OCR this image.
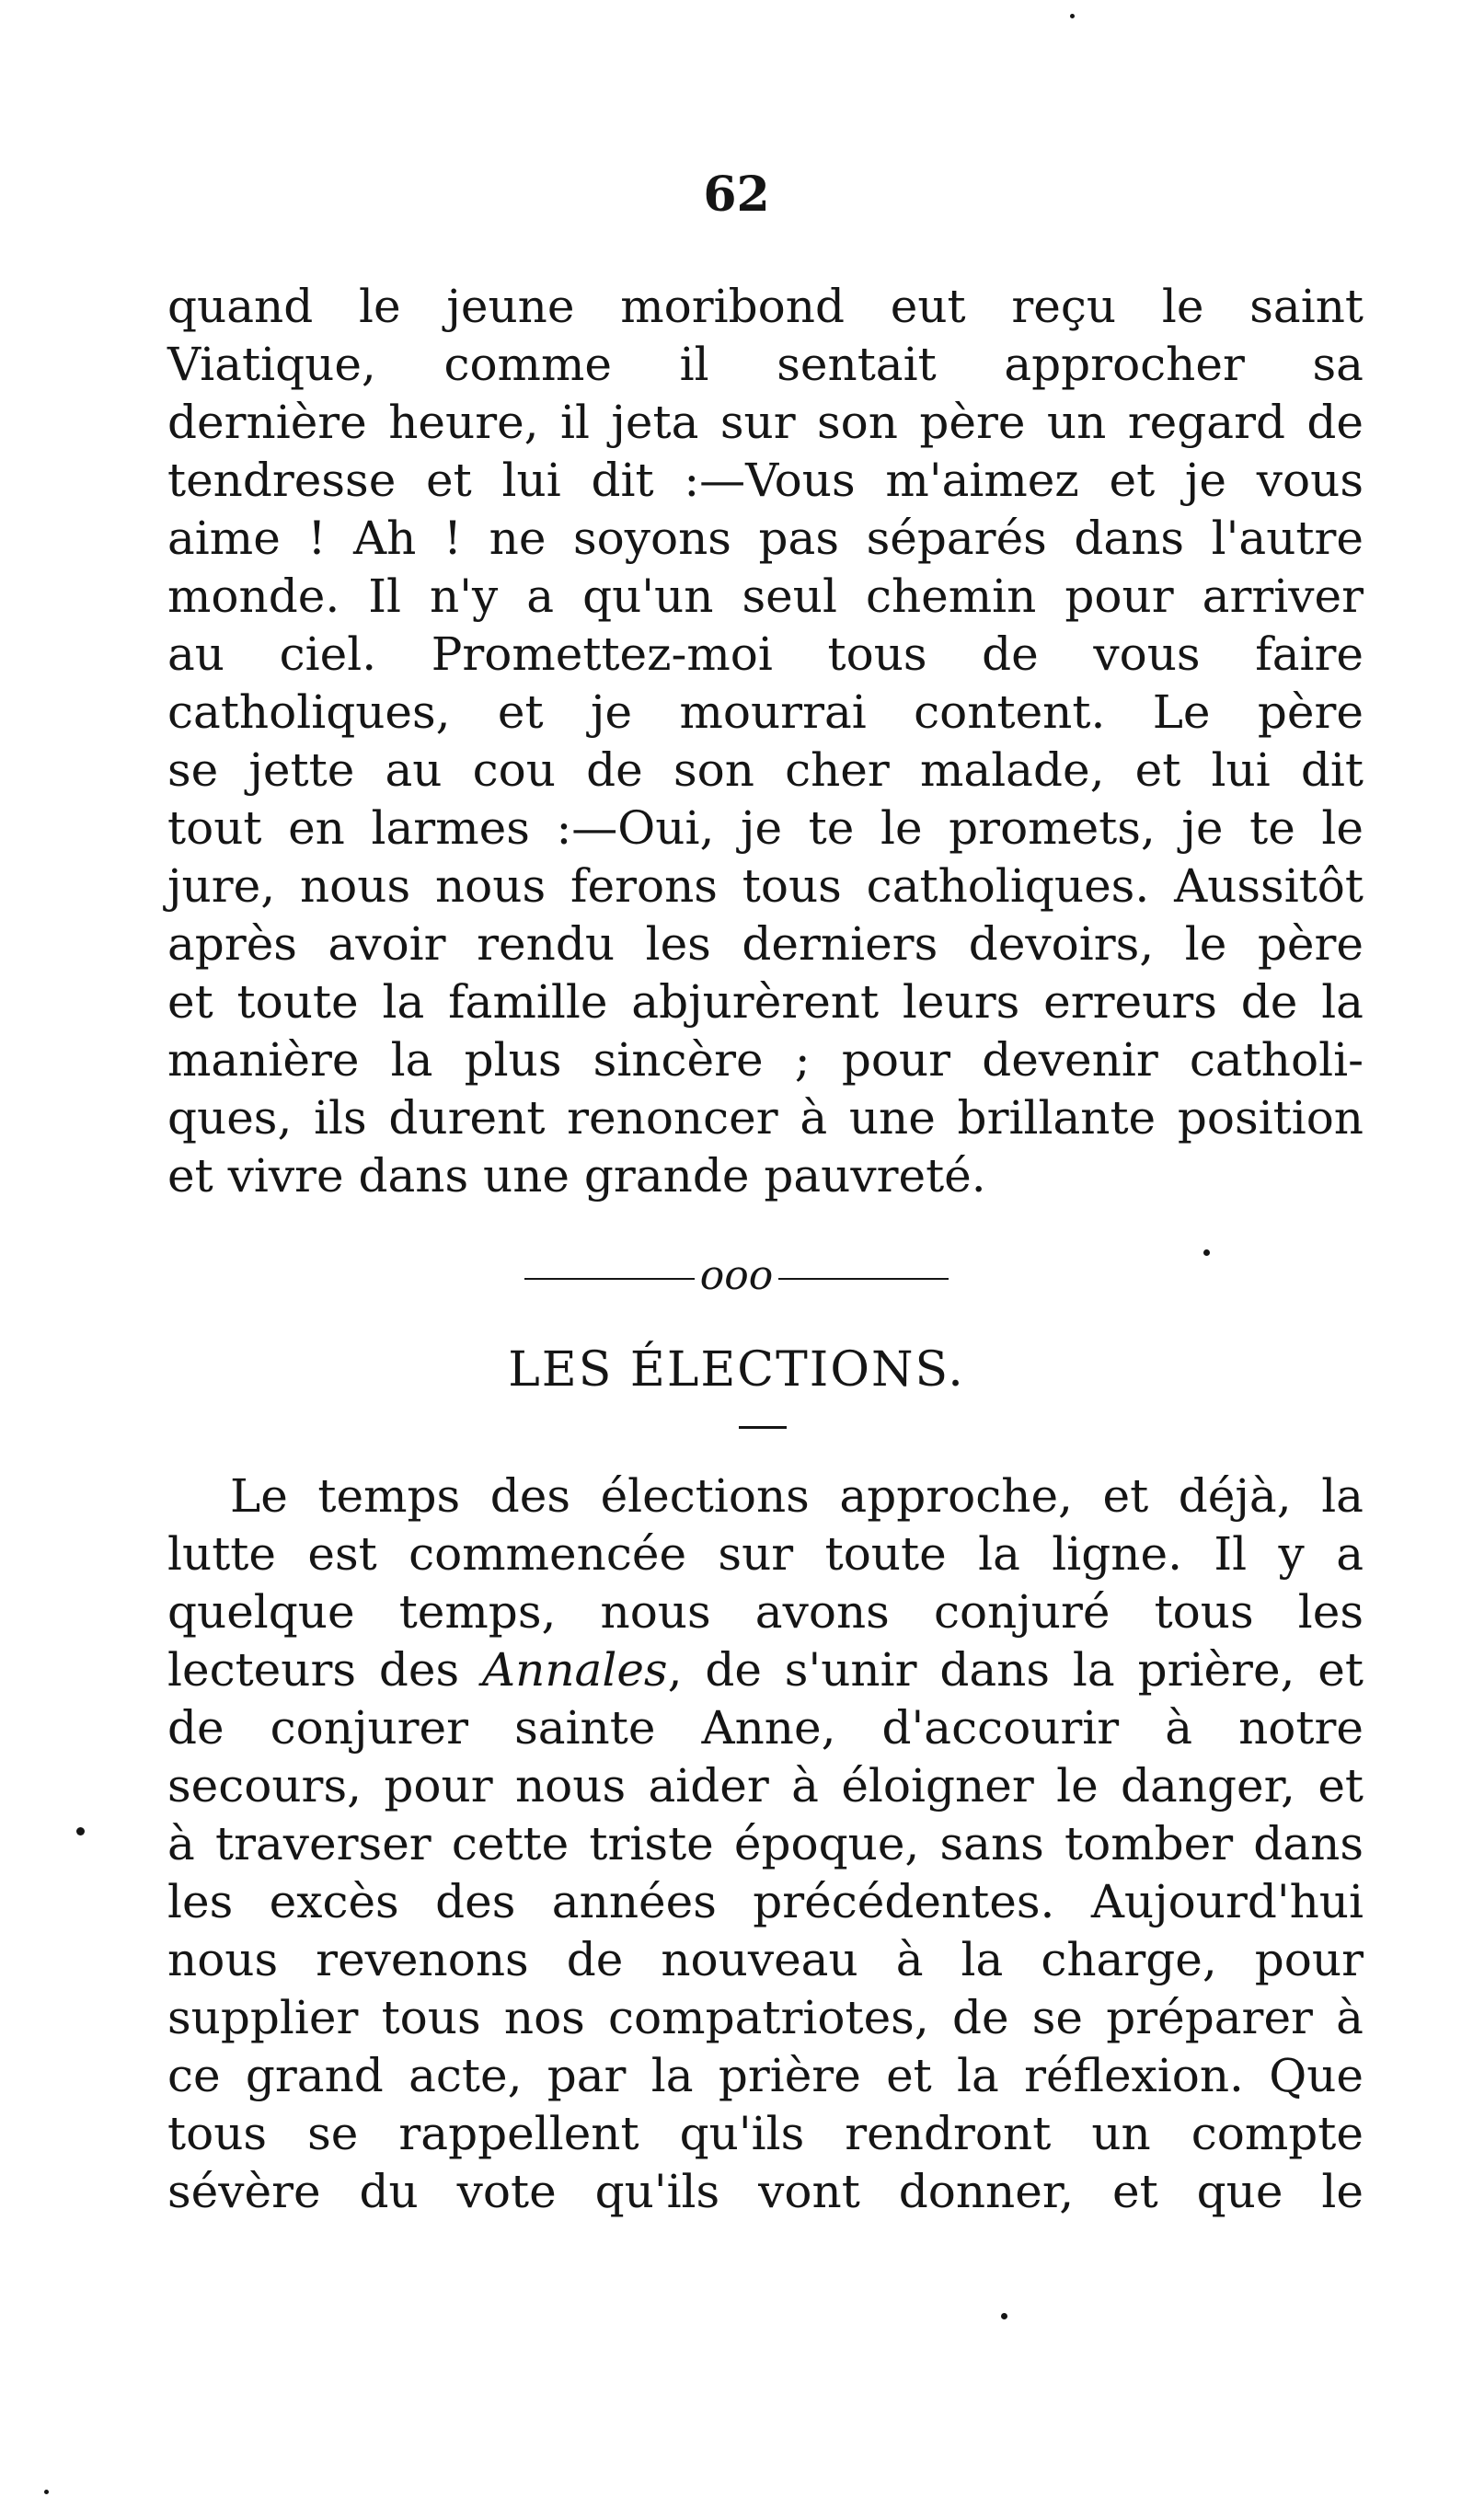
62
quand le jeune moribond eut reçu le saint
Viatique, comme il sentait approcher sa
dernière heure, il jeta sur son père un regard de
tendresse et lui dit :—Vous m'aimez et je vous
aime ! Ah ! ne soyons pas séparés dans l'autre
monde. Il n'y a qu'un seul chemin pour arriver
au ciel. Promettez-moi tous de vous faire
catholiques, et je mourrai content. Le père
se jette au cou de son cher malade, et lui dit
tout en larmes :—Oui, je te le promets, je te le
jure, nous nous ferons tous catholiques. Aussitôt
après avoir rendu les derniers devoirs, le père
et toute la famille abjurèrent leurs erreurs de la
manière la plus sincère ; pour devenir catholi-
ques, ils durent renoncer à une brillante position
et vivre dans une grande pauvreté.
ooo
LES ÉLECTIONS.
Le temps des élections approche, et déjà, la
lutte est commencée sur toute la ligne. Il y a
quelque temps, nous avons conjuré tous les
lecteurs des Annales, de s'unir dans la prière, et
de conjurer sainte Anne, d'accourir à notre
secours, pour nous aider à éloigner le danger, et
à traverser cette triste époque, sans tomber dans
les excès des années précédentes. Aujourd'hui
nous revenons de nouveau à la charge, pour
supplier tous nos compatriotes, de se préparer à
ce grand acte, par la prière et la réflexion. Que
tous se rappellent qu'ils rendront un compte
sévère du vote qu'ils vont donner, et que le
